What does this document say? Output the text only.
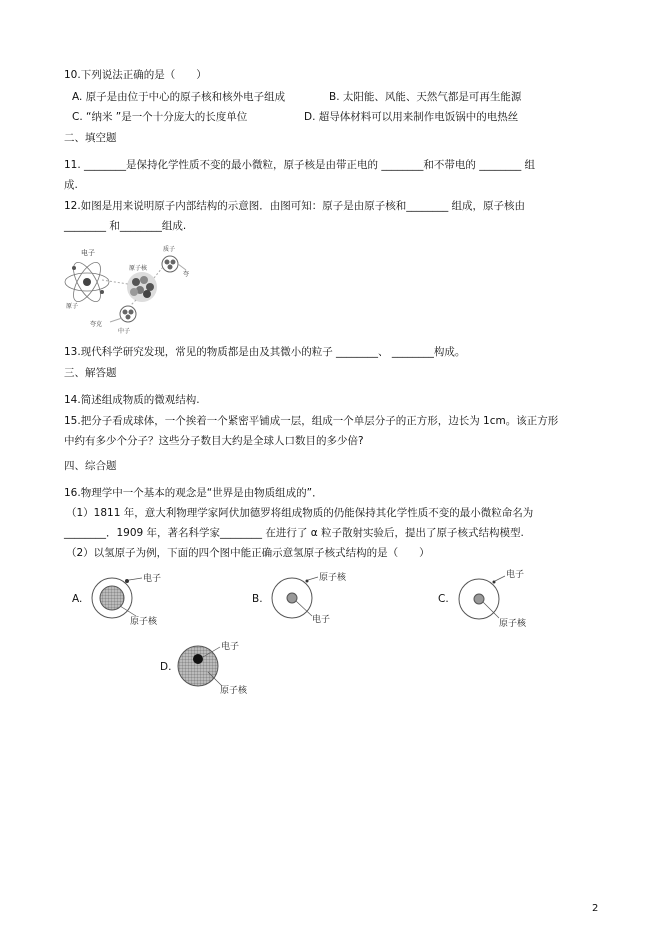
10.下列说法正确的是（　　）
A. 原子是由位于中心的原子核和核外电子组成	B. 太阳能、风能、天然气都是可再生能源
C. “纳米 ”是一个十分庞大的长度单位	D. 超导体材料可以用来制作电饭锅中的电热丝
二、填空题
11. ________是保持化学性质不变的最小微粒，原子核是由带正电的 ________和不带电的 ________ 组
成.
12.如图是用来说明原子内部结构的示意图．由图可知：原子是由原子核和________ 组成，原子核由
________ 和________组成.
电子
原子核
质子
原子
夸克
中子
夸
13.现代科学研究发现，常见的物质都是由及其微小的粒子 ________、 ________构成。
三、解答题
14.简述组成物质的微观结构.
15.把分子看成球体，一个挨着一个紧密平铺成一层，组成一个单层分子的正方形，边长为 1cm。该正方形
中约有多少个分子？这些分子数目大约是全球人口数目的多少倍?
四、综合题
16.物理学中一个基本的观念是“世界是由物质组成的”．
（1）1811 年，意大利物理学家阿伏加德罗将组成物质的仍能保持其化学性质不变的最小微粒命名为
________．1909 年，著名科学家________ 在进行了 α 粒子散射实验后，提出了原子核式结构模型.
（2）以氢原子为例，下面的四个图中能正确示意氢原子核式结构的是（　　）
A.
电子
原子核
B.
原子核
电子
C.
电子
原子核
D.
电子
原子核
2
